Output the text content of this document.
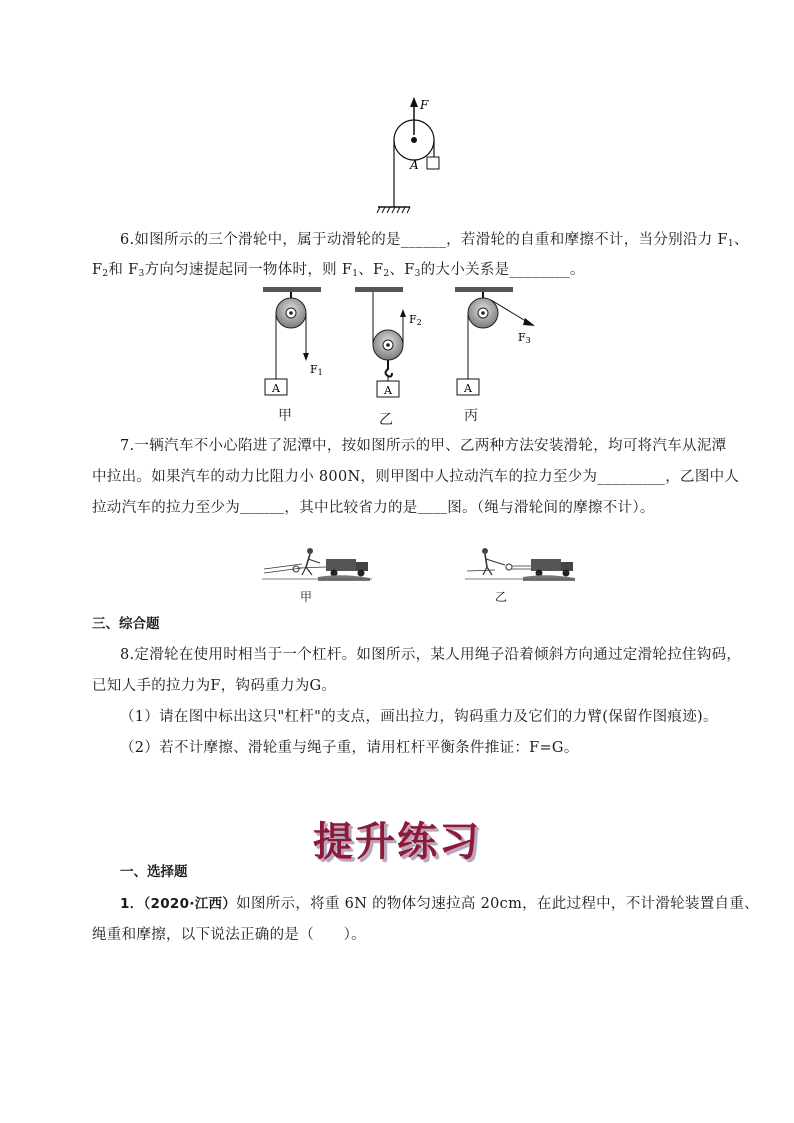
F
A
6.如图所示的三个滑轮中，属于动滑轮的是______，若滑轮的自重和摩擦不计，当分别沿力 $F_1$、
$F_2$和 $F_3$方向匀速提起同一物体时，则 $F_1$、$F_2$、$F_3$的大小关系是________。
A
F1
F2
A
F3
A
甲	乙	丙
7.一辆汽车不小心陷进了泥潭中，按如图所示的甲、乙两种方法安装滑轮，均可将汽车从泥潭
中拉出。如果汽车的动力比阻力小 800N，则甲图中人拉动汽车的拉力至少为_________，乙图中人
拉动汽车的拉力至少为＿＿＿，其中比较省力的是＿＿图。（绳与滑轮间的摩擦不计）。
甲	乙
三、综合题
8.定滑轮在使用时相当于一个杠杆。如图所示，某人用绳子沿着倾斜方向通过定滑轮拉住钩码，
已知人手的拉力为F，钩码重力为G。
（1）请在图中标出这只"杠杆"的支点，画出拉力，钩码重力及它们的力臂(保留作图痕迹)。
（2）若不计摩擦、滑轮重与绳子重，请用杠杆平衡条件推证：F=G。
提升练习
一、选择题
1．（2020·江西）如图所示，将重 6N 的物体匀速拉高 20cm，在此过程中，不计滑轮装置自重、
绳重和摩擦，以下说法正确的是（　　）。
